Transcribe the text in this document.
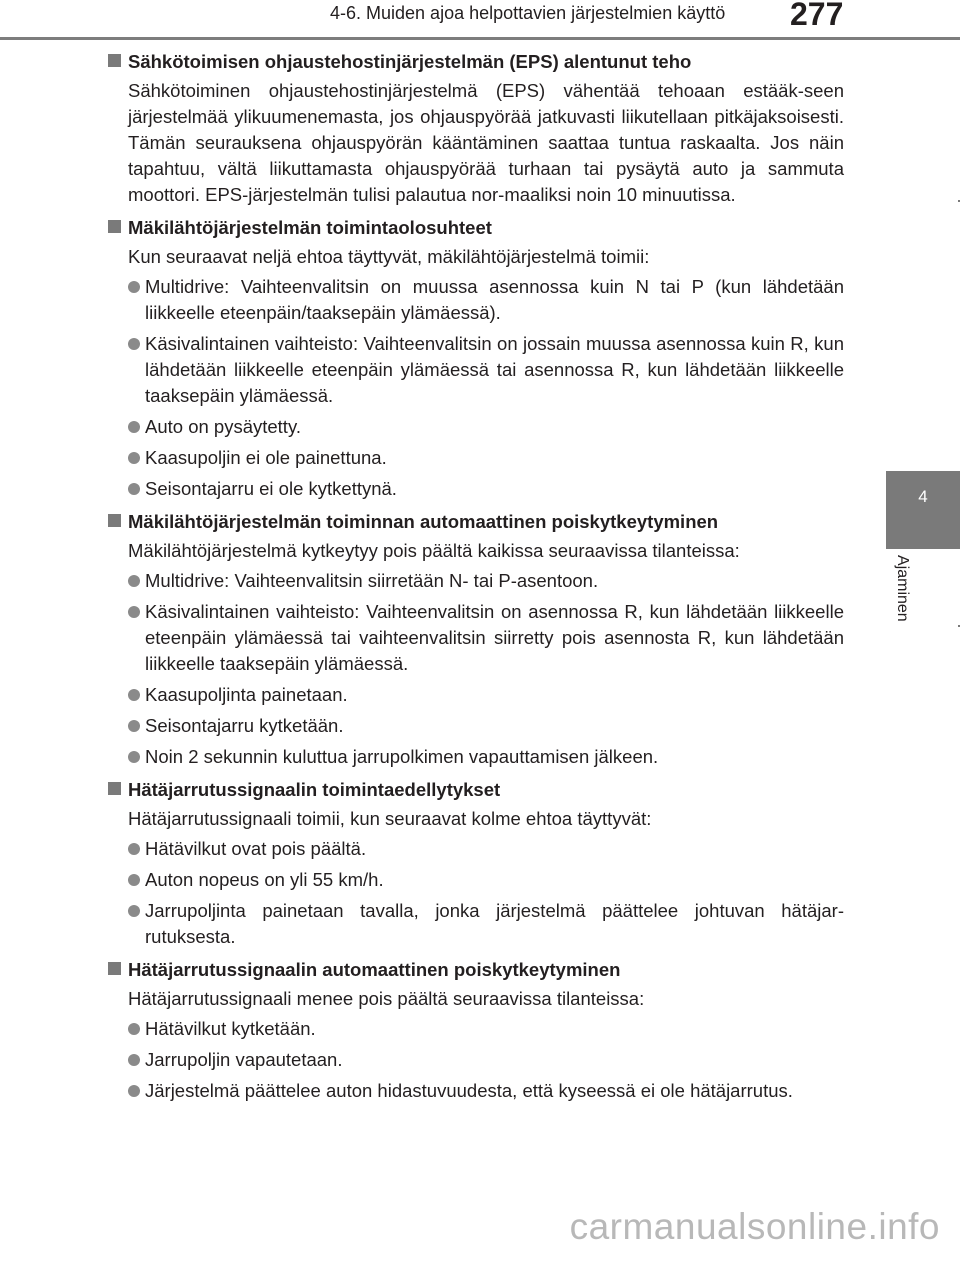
4-6. Muiden ajoa helpottavien järjestelmien käyttö 277
4
Ajaminen
Sähkötoimisen ohjaustehostinjärjestelmän (EPS) alentunut teho
Sähkötoiminen ohjaustehostinjärjestelmä (EPS) vähentää tehoaan estääk-seen järjestelmää ylikuumenemasta, jos ohjauspyörää jatkuvasti liikutellaan pitkäjaksoisesti. Tämän seurauksena ohjauspyörän kääntäminen saattaa tuntua raskaalta. Jos näin tapahtuu, vältä liikuttamasta ohjauspyörää turhaan tai pysäytä auto ja sammuta moottori. EPS-järjestelmän tulisi palautua nor-maaliksi noin 10 minuutissa.
Mäkilähtöjärjestelmän toimintaolosuhteet
Kun seuraavat neljä ehtoa täyttyvät, mäkilähtöjärjestelmä toimii:
Multidrive: Vaihteenvalitsin on muussa asennossa kuin N tai P (kun lähdetään liikkeelle eteenpäin/taaksepäin ylämäessä).
Käsivalintainen vaihteisto: Vaihteenvalitsin on jossain muussa asennossa kuin R, kun lähdetään liikkeelle eteenpäin ylämäessä tai asennossa R, kun lähdetään liikkeelle taaksepäin ylämäessä.
Auto on pysäytetty.
Kaasupoljin ei ole painettuna.
Seisontajarru ei ole kytkettynä.
Mäkilähtöjärjestelmän toiminnan automaattinen poiskytkeytyminen
Mäkilähtöjärjestelmä kytkeytyy pois päältä kaikissa seuraavissa tilanteissa:
Multidrive: Vaihteenvalitsin siirretään N- tai P-asentoon.
Käsivalintainen vaihteisto: Vaihteenvalitsin on asennossa R, kun lähdetään liikkeelle eteenpäin ylämäessä tai vaihteenvalitsin siirretty pois asennosta R, kun lähdetään liikkeelle taaksepäin ylämäessä.
Kaasupoljinta painetaan.
Seisontajarru kytketään.
Noin 2 sekunnin kuluttua jarrupolkimen vapauttamisen jälkeen.
Hätäjarrutussignaalin toimintaedellytykset
Hätäjarrutussignaali toimii, kun seuraavat kolme ehtoa täyttyvät:
Hätävilkut ovat pois päältä.
Auton nopeus on yli 55 km/h.
Jarrupoljinta painetaan tavalla, jonka järjestelmä päättelee johtuvan hätäjar-rutuksesta.
Hätäjarrutussignaalin automaattinen poiskytkeytyminen
Hätäjarrutussignaali menee pois päältä seuraavissa tilanteissa:
Hätävilkut kytketään.
Jarrupoljin vapautetaan.
Järjestelmä päättelee auton hidastuvuudesta, että kyseessä ei ole hätäjarrutus.
carmanualsonline.info
